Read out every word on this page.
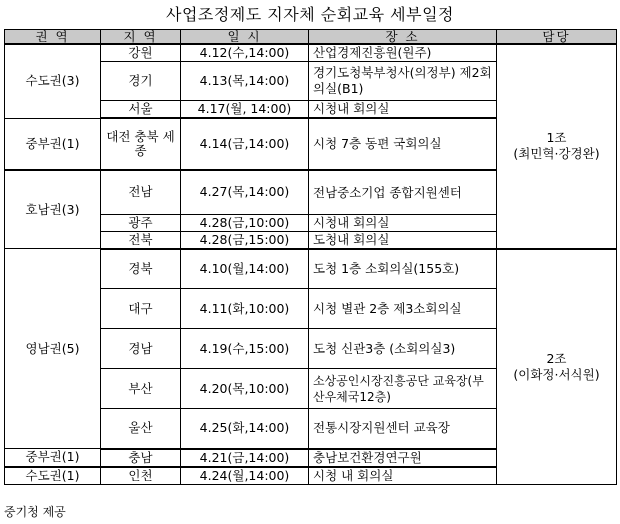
사업조정제도 지자체 순회교육 세부일정
권 역	지 역	일 시	장 소	담당
수도권(3)	강원	4.12(수,14:00)	산업경제진흥원(원주)	1조
(최민혁·강경완)

	경기	4.13(목,14:00)	경기도청북부청사(의정부) 제2회의실(B1)	
	서울	4.17(월, 14:00)	시청내 회의실	
중부권(1)	대전 충북 세종	4.14(금,14:00)	시청 7층 동편 국회의실	
호남권(3)	전남	4.27(목,14:00)	전남중소기업 종합지원센터	
	광주	4.28(금,10:00)	시청내 회의실	
	전북	4.28(금,15:00)	도청내 회의실	
영남권(5)	경북	4.10(월,14:00)	도청 1층 소회의실(155호)	2조
(이화정·서식원)

	대구	4.11(화,10:00)	시청 별관 2층 제3소회의실	
	경남	4.19(수,15:00)	도청 신관3층 (소회의실3)	
	부산	4.20(목,10:00)	소상공인시장진흥공단 교육장(부산우체국12층)	
	울산	4.25(화,14:00)	전통시장지원센터 교육장	
중부권(1)	충남	4.21(금,14:00)	충남보건환경연구원	
수도권(1)	인천	4.24(월,14:00)	시청 내 회의실	
중기청 제공
